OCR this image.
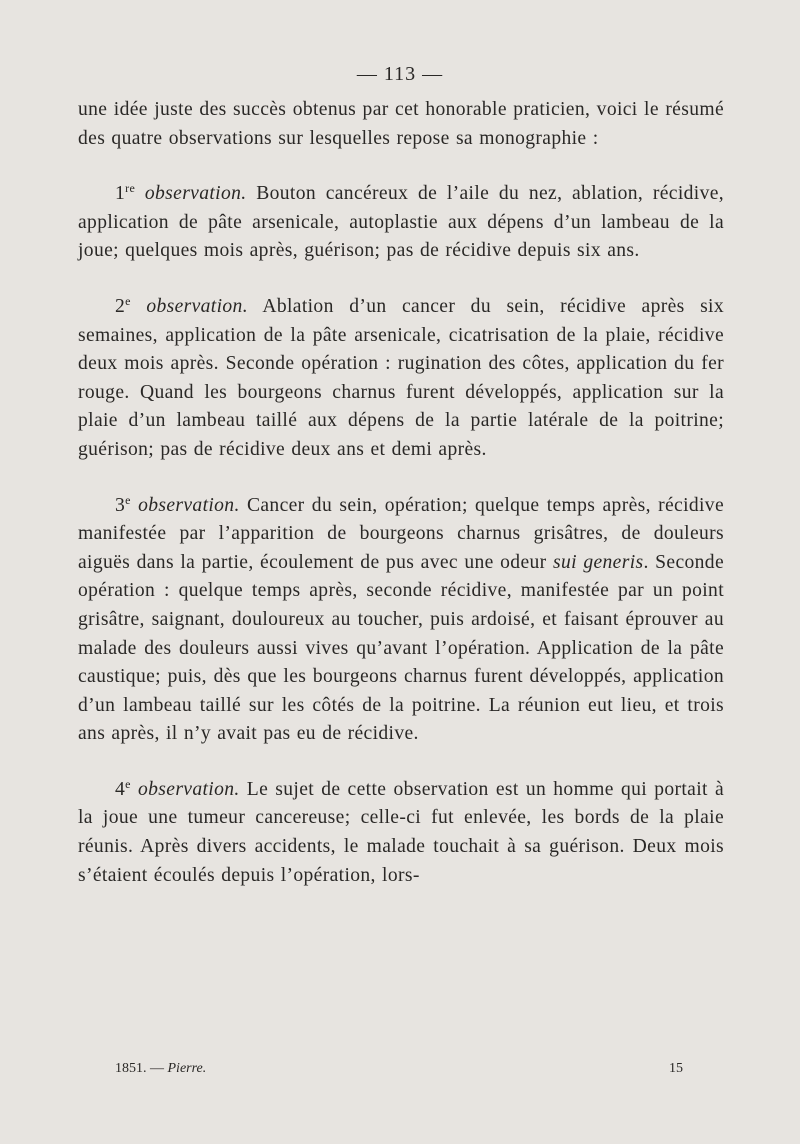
— 113 —

une idée juste des succès obtenus par cet honorable praticien, voici le résumé des quatre observations sur lesquelles repose sa monographie :

1re observation. Bouton cancéreux de l’aile du nez, ablation, récidive, application de pâte arsenicale, autoplastie aux dépens d’un lambeau de la joue; quelques mois après, guérison; pas de récidive depuis six ans.

2e observation. Ablation d’un cancer du sein, récidive après six semaines, application de la pâte arsenicale, cicatrisation de la plaie, récidive deux mois après. Seconde opération : rugination des côtes, application du fer rouge. Quand les bourgeons charnus furent développés, application sur la plaie d’un lambeau taillé aux dépens de la partie latérale de la poitrine; guérison; pas de récidive deux ans et demi après.

3e observation. Cancer du sein, opération; quelque temps après, récidive manifestée par l’apparition de bourgeons charnus grisâtres, de douleurs aiguës dans la partie, écoulement de pus avec une odeur sui generis. Seconde opération : quelque temps après, seconde récidive, manifestée par un point grisâtre, saignant, douloureux au toucher, puis ardoisé, et faisant éprouver au malade des douleurs aussi vives qu’avant l’opération. Application de la pâte caustique; puis, dès que les bourgeons charnus furent développés, application d’un lambeau taillé sur les côtés de la poitrine. La réunion eut lieu, et trois ans après, il n’y avait pas eu de récidive.

4e observation. Le sujet de cette observation est un homme qui portait à la joue une tumeur cancereuse; celle-ci fut enlevée, les bords de la plaie réunis. Après divers accidents, le malade touchait à sa guérison. Deux mois s’étaient écoulés depuis l’opération, lors-

1851. — Pierre.	15
